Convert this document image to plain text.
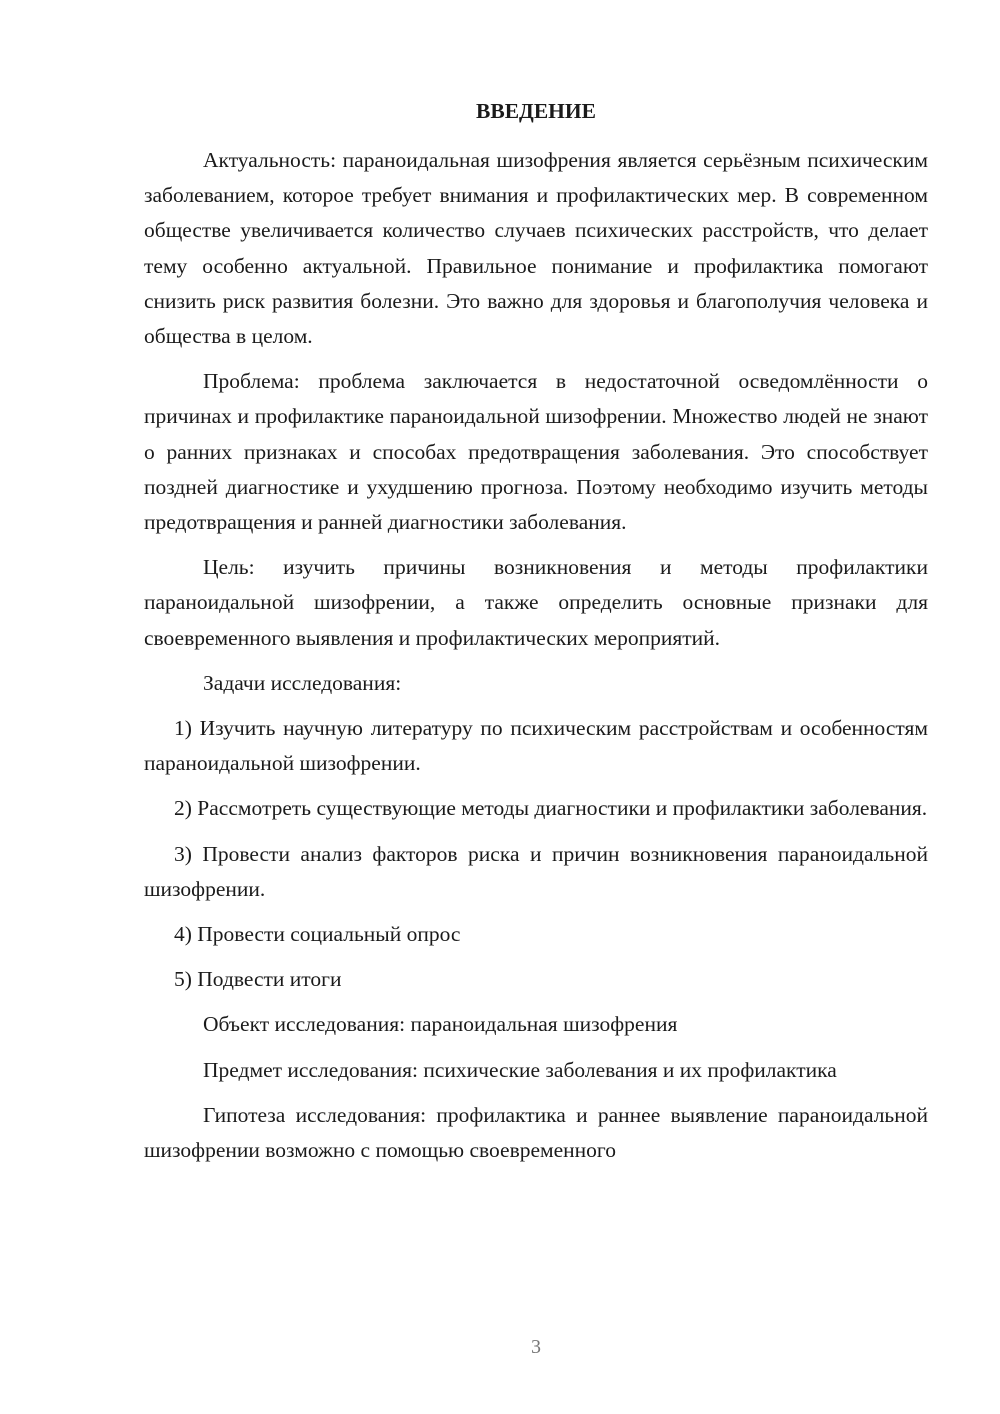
ВВЕДЕНИЕ

Актуальность: параноидальная шизофрения является серьёзным психическим заболеванием, которое требует внимания и профилактических мер. В современном обществе увеличивается количество случаев психических расстройств, что делает тему особенно актуальной. Правильное понимание и профилактика помогают снизить риск развития болезни. Это важно для здоровья и благополучия человека и общества в целом.

Проблема: проблема заключается в недостаточной осведомлённости о причинах и профилактике параноидальной шизофрении. Множество людей не знают о ранних признаках и способах предотвращения заболевания. Это способствует поздней диагностике и ухудшению прогноза. Поэтому необходимо изучить методы предотвращения и ранней диагностики заболевания.

Цель: изучить причины возникновения и методы профилактики параноидальной шизофрении, а также определить основные признаки для своевременного выявления и профилактических мероприятий.

Задачи исследования:

1) Изучить научную литературу по психическим расстройствам и особенностям параноидальной шизофрении.

2) Рассмотреть существующие методы диагностики и профилактики заболевания.

3) Провести анализ факторов риска и причин возникновения параноидальной шизофрении.

4) Провести социальный опрос

5) Подвести итоги

Объект исследования: параноидальная шизофрения

Предмет исследования: психические заболевания и их профилактика

Гипотеза исследования: профилактика и раннее выявление параноидальной шизофрении возможно с помощью своевременного

3
